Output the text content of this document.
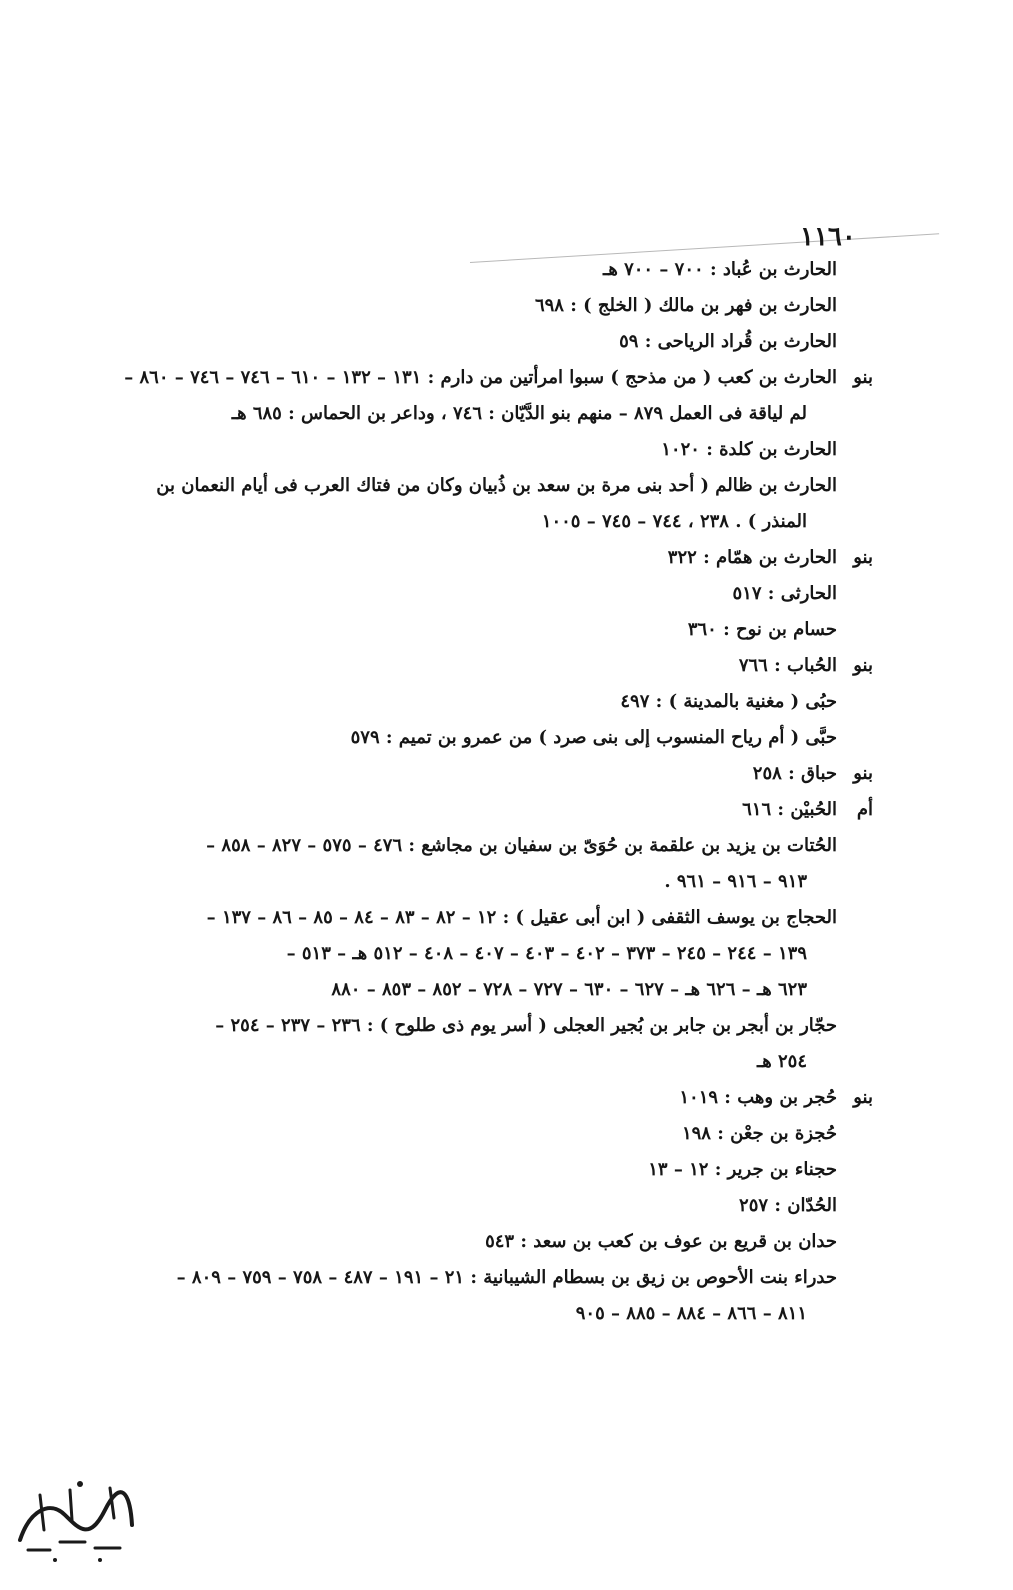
١١٦٠
الحارث بن عُباد : ٧٠٠ – ٧٠٠ هـ
الحارث بن فهر بن مالك ( الخلج ) : ٦٩٨
الحارث بن قُراد الرياحى : ٥٩
بنو
الحارث بن كعب ( من مذحج ) سبوا امرأتين من دارم : ١٣١ – ١٣٢ – ٦١٠ – ٧٤٦ – ٧٤٦ – ٨٦٠ –
لم لياقة فى العمل ٨٧٩ – منهم بنو الدَّيّان : ٧٤٦ ، وداعر بن الحماس : ٦٨٥ هـ
الحارث بن كلدة : ١٠٢٠
الحارث بن ظالم ( أحد بنى مرة بن سعد بن ذُبيان وكان من فتاك العرب فى أيام النعمان بن
المنذر ) . ٢٣٨ ، ٧٤٤ – ٧٤٥ – ١٠٠٥
بنو
الحارث بن همّام : ٣٢٢
الحارثى : ٥١٧
حسام بن نوح : ٣٦٠
بنو
الحُباب : ٧٦٦
حبُى ( مغنية بالمدينة ) : ٤٩٧
حبَّى ( أم رياح المنسوب إلى بنى صرد ) من عمرو بن تميم : ٥٧٩
بنو
حباق : ٢٥٨
أم
الحُبيْن : ٦١٦
الحُتات بن يزيد بن علقمة بن حُوَىّ بن سفيان بن مجاشع : ٤٧٦ – ٥٧٥ – ٨٢٧ – ٨٥٨ –
٩١٣ – ٩١٦ – ٩٦١ .
الحجاج بن يوسف الثقفى ( ابن أبى عقيل ) : ١٢ – ٨٢ – ٨٣ – ٨٤ – ٨٥ – ٨٦ – ١٣٧ –
١٣٩ – ٢٤٤ – ٢٤٥ – ٣٧٣ – ٤٠٢ – ٤٠٣ – ٤٠٧ – ٤٠٨ – ٥١٢ هـ – ٥١٣ –
٦٢٣ هـ – ٦٢٦ هـ – ٦٢٧ – ٦٣٠ – ٧٢٧ – ٧٢٨ – ٨٥٢ – ٨٥٣ – ٨٨٠
حجّار بن أبجر بن جابر بن بُجير العجلى ( أسر يوم ذى طلوح ) : ٢٣٦ – ٢٣٧ – ٢٥٤ –
٢٥٤ هـ
بنو
حُجر بن وهب : ١٠١٩
حُجزة بن جعْن : ١٩٨
حجناء بن جرير : ١٢ – ١٣
الحُدّان : ٢٥٧
حدان بن قريع بن عوف بن كعب بن سعد : ٥٤٣
حدراء بنت الأحوص بن زيق بن بسطام الشيبانية : ٢١ – ١٩١ – ٤٨٧ – ٧٥٨ – ٧٥٩ – ٨٠٩ –
٨١١ – ٨٦٦ – ٨٨٤ – ٨٨٥ – ٩٠٥
